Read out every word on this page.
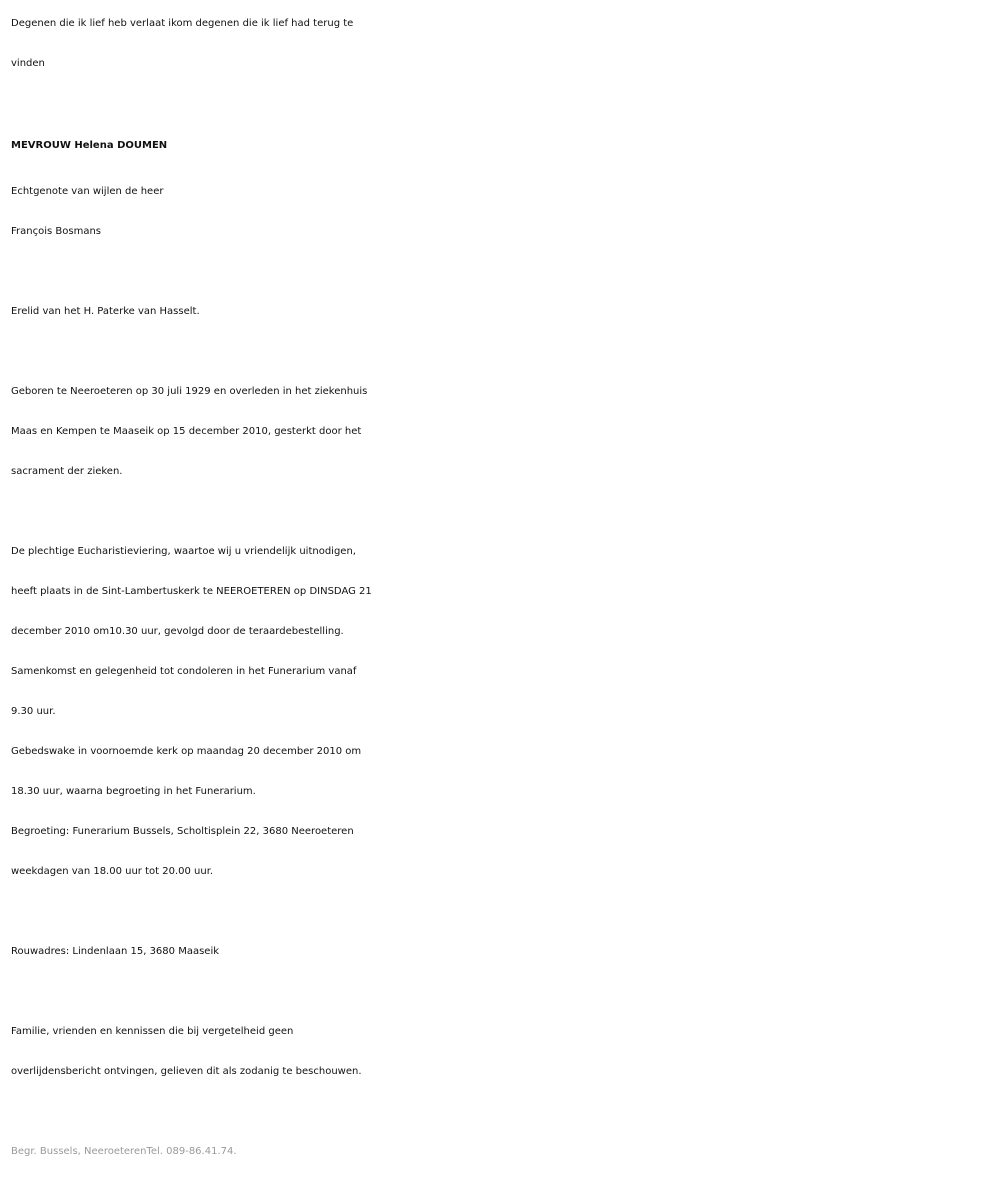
Degenen die ik lief heb verlaat ikom degenen die ik lief had terug te
vinden
MEVROUW Helena DOUMEN
Echtgenote van wijlen de heer
François Bosmans
Erelid van het H. Paterke van Hasselt.
Geboren te Neeroeteren op 30 juli 1929 en overleden in het ziekenhuis
Maas en Kempen te Maaseik op 15 december 2010, gesterkt door het
sacrament der zieken.
De plechtige Eucharistieviering, waartoe wij u vriendelijk uitnodigen,
heeft plaats in de Sint-Lambertuskerk te NEEROETEREN op DINSDAG 21
december 2010 om10.30 uur, gevolgd door de teraardebestelling.
Samenkomst en gelegenheid tot condoleren in het Funerarium vanaf
9.30 uur.
Gebedswake in voornoemde kerk op maandag 20 december 2010 om
18.30 uur, waarna begroeting in het Funerarium.
Begroeting: Funerarium Bussels, Scholtisplein 22, 3680 Neeroeteren
weekdagen van 18.00 uur tot 20.00 uur.
Rouwadres: Lindenlaan 15, 3680 Maaseik
Familie, vrienden en kennissen die bij vergetelheid geen
overlijdensbericht ontvingen, gelieven dit als zodanig te beschouwen.
Begr. Bussels, NeeroeterenTel. 089-86.41.74.
